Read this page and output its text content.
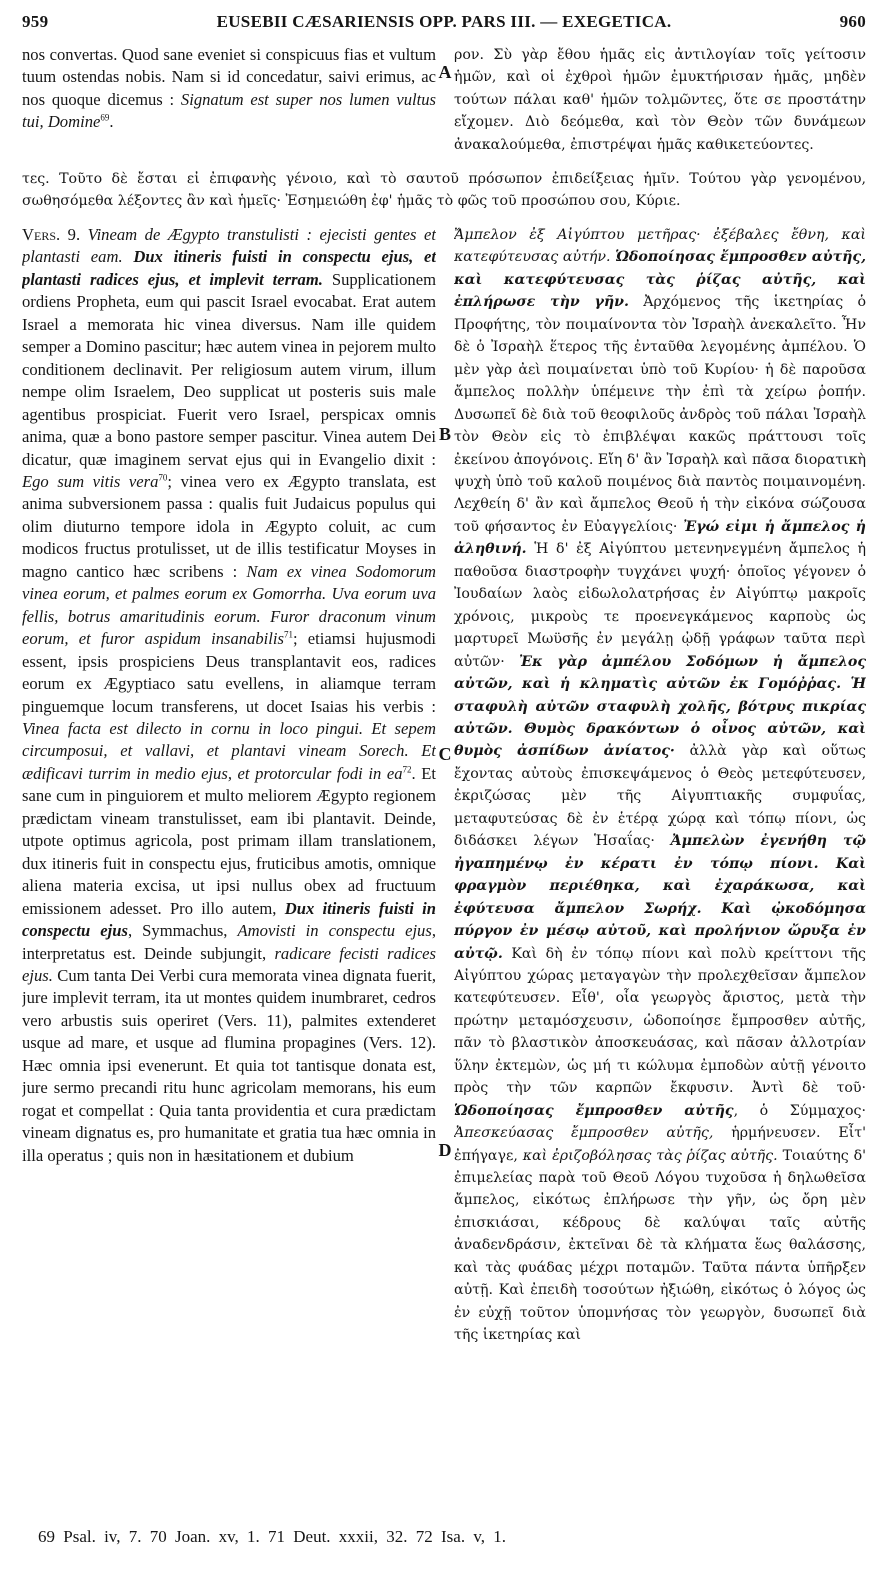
959	EUSEBII CÆSARIENSIS OPP. PARS III. — EXEGETICA.	960

nos convertas. Quod sane eveniet si conspicuus fias et vultum tuum ostendas nobis. Nam si id concedatur, saivi erimus, ac nos quoque dicemus : Signatum est super nos lumen vultus tui, Domine$^{69}$.

τες. Τοῦτο δὲ ἔσται εἰ ἐπιφανὴς γένοιο, καὶ τὸ σαυτοῦ πρόσωπον ἐπιδείξειας ἡμῖν. Τούτου γὰρ γενομένου, σωθησόμεθα λέξοντες ἂν καὶ ἡμεῖς· Ἐσημειώθη ἐφ' ἡμᾶς τὸ φῶς τοῦ προσώπου σου, Κύριε.

ρον. Σὺ γὰρ ἔθου ἡμᾶς εἰς ἀντιλογίαν τοῖς γείτοσιν ἡμῶν, καὶ οἱ ἐχθροὶ ἡμῶν ἐμυκτήρισαν ἡμᾶς, μηδὲν τούτων πάλαι καθ' ἡμῶν τολμῶντες, ὅτε σε προστάτην εἴχομεν. Διὸ δεόμεθα, καὶ τὸν Θεὸν τῶν δυνάμεων ἀνακαλούμεθα, ἐπιστρέψαι ἡμᾶς καθικετεύοντες.

Vers. 9. Vineam de Ægypto transtulisti : ejecisti gentes et plantasti eam. Dux itineris fuisti in conspectu ejus, et plantasti radices ejus, et implevit terram. Supplicationem ordiens Propheta, eum qui pascit Israel evocabat. Erat autem Israel a memorata hic vinea diversus. Nam ille quidem semper a Domino pascitur; hæc autem vinea in pejorem multo conditionem declinavit. Per religiosum autem virum, illum nempe olim Israelem, Deo supplicat ut posteris suis male agentibus prospiciat. Fuerit vero Israel, perspicax omnis anima, quæ a bono pastore semper pascitur. Vinea autem Dei dicatur, quæ imaginem servat ejus qui in Evangelio dixit : Ego sum vitis vera$^{70}$; vinea vero ex Ægypto translata, est anima subversionem passa : qualis fuit Judaicus populus qui olim diuturno tempore idola in Ægypto coluit, ac cum modicos fructus protulisset, ut de illis testificatur Moyses in magno cantico hæc scribens : Nam ex vinea Sodomorum vinea eorum, et palmes eorum ex Gomorrha. Uva eorum uva fellis, botrus amaritudinis eorum. Furor draconum vinum eorum, et furor aspidum insanabilis$^{71}$; etiamsi hujusmodi essent, ipsis prospiciens Deus transplantavit eos, radices eorum ex Ægyptiaco satu evellens, in aliamque terram pinguemque locum transferens, ut docet Isaias his verbis : Vinea facta est dilecto in cornu in loco pingui. Et sepem circumposui, et vallavi, et plantavi vineam Sorech. Et ædificavi turrim in medio ejus, et protorcular fodi in $ea^{72}$. Et sane cum in pinguiorem et multo meliorem Ægypto regionem prædictam vineam transtulisset, eam ibi plantavit. Deinde, utpote optimus agricola, post primam illam translationem, dux itineris fuit in conspectu ejus, fruticibus amotis, omnique aliena materia excisa, ut ipsi nullus obex ad fructuum emissionem adesset. Pro illo autem, Dux itineris fuisti in conspectu ejus, Symmachus, Amovisti in conspectu ejus, interpretatus est. Deinde subjungit, radicare fecisti radices ejus. Cum tanta Dei Verbi cura memorata vinea dignata fuerit, jure implevit terram, ita ut montes quidem inumbraret, cedros vero arbustis suis operiret (Vers. 11), palmites extenderet usque ad mare, et usque ad flumina propagines (Vers. 12). Hæc omnia ipsi evenerunt. Et quia tot tantisque donata est, jure sermo precandi ritu hunc agricolam memorans, his eum rogat et compellat : Quia tanta providentia et cura prædictam vineam dignatus es, pro humanitate et gratia tua hæc omnia in illa operatus ; quis non in hæsitationem et dubium

Ἄμπελον ἐξ Αἰγύπτου μετῆρας· ἐξέβαλες ἔθνη, καὶ κατεφύτευσας αὐτήν. Ὡδοποίησας ἔμπροσθεν αὐτῆς, καὶ κατεφύτευσας τὰς ῥίζας αὐτῆς, καὶ ἐπλήρωσε τὴν γῆν. Ἀρχόμενος τῆς ἱκετηρίας ὁ Προφήτης, τὸν ποιμαίνοντα τὸν Ἰσραὴλ ἀνεκαλεῖτο. Ἦν δὲ ὁ Ἰσραὴλ ἕτερος τῆς ἐνταῦθα λεγομένης ἀμπέλου. Ὁ μὲν γὰρ ἀεὶ ποιμαίνεται ὑπὸ τοῦ Κυρίου· ἡ δὲ παροῦσα ἄμπελος πολλὴν ὑπέμεινε τὴν ἐπὶ τὰ χείρω ῥοπήν. Δυσωπεῖ δὲ διὰ τοῦ θεοφιλοῦς ἀνδρὸς τοῦ πάλαι Ἰσραὴλ τὸν Θεὸν εἰς τὸ ἐπιβλέψαι κακῶς πράττουσι τοῖς ἐκείνου ἀπογόνοις. Εἴη δ' ἂν Ἰσραὴλ καὶ πᾶσα διορατικὴ ψυχὴ ὑπὸ τοῦ καλοῦ ποιμένος διὰ παντὸς ποιμαινομένη. Λεχθείη δ' ἂν καὶ ἄμπελος Θεοῦ ἡ τὴν εἰκόνα σώζουσα τοῦ φήσαντος ἐν Εὐαγγελίοις· Ἐγώ εἰμι ἡ ἄμπελος ἡ ἀληθινή. Ἡ δ' ἐξ Αἰγύπτου μετενηνεγμένη ἄμπελος ἡ παθοῦσα διαστροφὴν τυγχάνει ψυχή· ὁποῖος γέγονεν ὁ Ἰουδαίων λαὸς εἰδωλολατρήσας ἐν Αἰγύπτῳ μακροῖς χρόνοις, μικροὺς τε προενεγκάμενος καρποὺς ὡς μαρτυρεῖ Μωϋσῆς ἐν μεγάλῃ ᾠδῇ γράφων ταῦτα περὶ αὐτῶν· Ἐκ γὰρ ἀμπέλου Σοδόμων ἡ ἄμπελος αὐτῶν, καὶ ἡ κληματὶς αὐτῶν ἐκ Γομόῤῥας. Ἡ σταφυλὴ αὐτῶν σταφυλὴ χολῆς, βότρυς πικρίας αὐτῶν. Θυμὸς δρακόντων ὁ οἶνος αὐτῶν, καὶ θυμὸς ἀσπίδων ἀνίατος· ἀλλὰ γὰρ καὶ οὕτως ἔχοντας αὐτοὺς ἐπισκεψάμενος ὁ Θεὸς μετεφύτευσεν, ἐκριζώσας μὲν τῆς Αἰγυπτιακῆς συμφυΐας, μεταφυτεύσας δὲ ἐν ἑτέρᾳ χώρᾳ καὶ τόπῳ πίονι, ὡς διδάσκει λέγων Ἡσαΐας· Ἀμπελὼν ἐγενήθη τῷ ἠγαπημένῳ ἐν κέρατι ἐν τόπῳ πίονι. Καὶ φραγμὸν περιέθηκα, καὶ ἐχαράκωσα, καὶ ἐφύτευσα ἄμπελον Σωρήχ. Καὶ ᾠκοδόμησα πύργον ἐν μέσῳ αὐτοῦ, καὶ προλήνιον ὤρυξα ἐν αὐτῷ. Καὶ δὴ ἐν τόπῳ πίονι καὶ πολὺ κρείττονι τῆς Αἰγύπτου χώρας μεταγαγὼν τὴν προλεχθεῖσαν ἄμπελον κατεφύτευσεν. Εἶθ', οἷα γεωργὸς ἄριστος, μετὰ τὴν πρώτην μεταμόσχευσιν, ὡδοποίησε ἔμπροσθεν αὐτῆς, πᾶν τὸ βλαστικὸν ἀποσκευάσας, καὶ πᾶσαν ἀλλοτρίαν ὕλην ἐκτεμὼν, ὡς μή τι κώλυμα ἐμποδὼν αὐτῇ γένοιτο πρὸς τὴν τῶν καρπῶν ἔκφυσιν. Ἀντὶ δὲ τοῦ· Ὡδοποίησας ἔμπροσθεν αὐτῆς, ὁ Σύμμαχος· Ἀπεσκεύασας ἔμπροσθεν αὐτῆς, ἡρμήνευσεν. Εἶτ' ἐπήγαγε, καὶ ἐριζοβόλησας τὰς ῥίζας αὐτῆς. Τοιαύτης δ' ἐπιμελείας παρὰ τοῦ Θεοῦ Λόγου τυχοῦσα ἡ δηλωθεῖσα ἄμπελος, εἰκότως ἐπλήρωσε τὴν γῆν, ὡς ὄρη μὲν ἐπισκιάσαι, κέδρους δὲ καλύψαι ταῖς αὐτῆς ἀναδενδράσιν, ἐκτεῖναι δὲ τὰ κλήματα ἕως θαλάσσης, καὶ τὰς φυάδας μέχρι ποταμῶν. Ταῦτα πάντα ὑπῆρξεν αὐτῇ. Καὶ ἐπειδὴ τοσούτων ἠξιώθη, εἰκότως ὁ λόγος ὡς ἐν εὐχῇ τοῦτον ὑπομνήσας τὸν γεωργὸν, δυσωπεῖ διὰ τῆς ἱκετηρίας καὶ

A
B
C
D
69 Psal. iv, 7. 70 Joan. xv, 1. 71 Deut. xxxii, 32. 72 Isa. v, 1.
